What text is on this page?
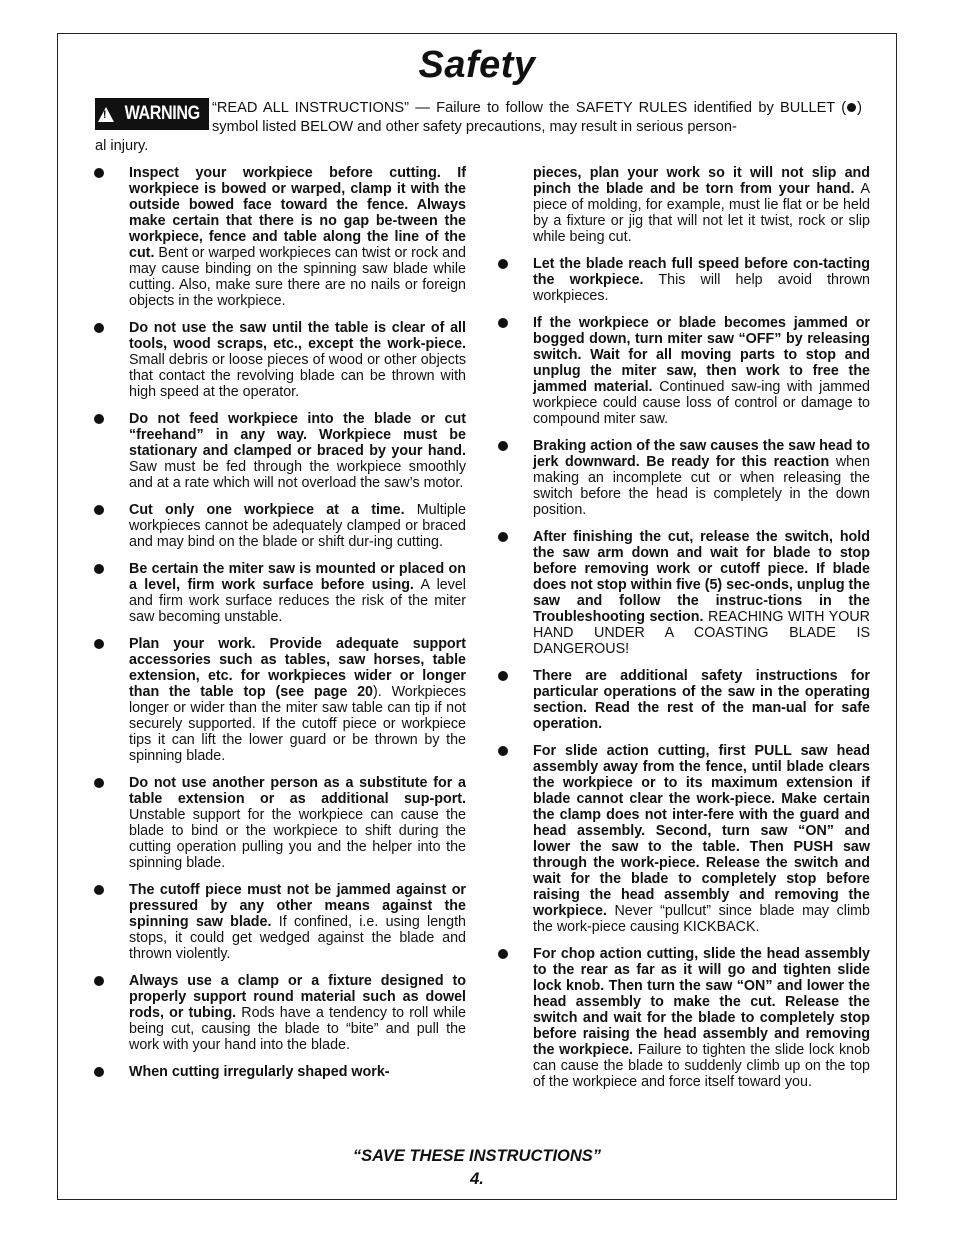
Safety
!
WARNING “READ ALL INSTRUCTIONS” — Failure to follow the SAFETY RULES identified by BULLET ( ) symbol listed BELOW and other safety precautions, may result in serious person-
al injury.
Inspect your workpiece before cutting. If workpiece is bowed or warped, clamp it with the outside bowed face toward the fence. Always make certain that there is no gap be-tween the workpiece, fence and table along the line of the cut. Bent or warped workpieces can twist or rock and may cause binding on the spinning saw blade while cutting. Also, make sure there are no nails or foreign objects in the workpiece.
Do not use the saw until the table is clear of all tools, wood scraps, etc., except the work-piece. Small debris or loose pieces of wood or other objects that contact the revolving blade can be thrown with high speed at the operator.
Do not feed workpiece into the blade or cut “freehand” in any way. Workpiece must be stationary and clamped or braced by your hand. Saw must be fed through the workpiece smoothly and at a rate which will not overload the saw’s motor.
Cut only one workpiece at a time. Multiple workpieces cannot be adequately clamped or braced and may bind on the blade or shift dur-ing cutting.
Be certain the miter saw is mounted or placed on a level, firm work surface before using. A level and firm work surface reduces the risk of the miter saw becoming unstable.
Plan your work. Provide adequate support accessories such as tables, saw horses, table extension, etc. for workpieces wider or longer than the table top (see page 20). Workpieces longer or wider than the miter saw table can tip if not securely supported. If the cutoff piece or workpiece tips it can lift the lower guard or be thrown by the spinning blade.
Do not use another person as a substitute for a table extension or as additional sup-port. Unstable support for the workpiece can cause the blade to bind or the workpiece to shift during the cutting operation pulling you and the helper into the spinning blade.
The cutoff piece must not be jammed against or pressured by any other means against the spinning saw blade. If confined, i.e. using length stops, it could get wedged against the blade and thrown violently.
Always use a clamp or a fixture designed to properly support round material such as dowel rods, or tubing. Rods have a tendency to roll while being cut, causing the blade to “bite” and pull the work with your hand into the blade.
When cutting irregularly shaped work-
pieces, plan your work so it will not slip and pinch the blade and be torn from your hand. A piece of molding, for example, must lie flat or be held by a fixture or jig that will not let it twist, rock or slip while being cut.
Let the blade reach full speed before con-tacting the workpiece. This will help avoid thrown workpieces.
If the workpiece or blade becomes jammed or bogged down, turn miter saw “OFF” by releasing switch. Wait for all moving parts to stop and unplug the miter saw, then work to free the jammed material. Continued saw-ing with jammed workpiece could cause loss of control or damage to compound miter saw.
Braking action of the saw causes the saw head to jerk downward. Be ready for this reaction when making an incomplete cut or when releasing the switch before the head is completely in the down position.
After finishing the cut, release the switch, hold the saw arm down and wait for blade to stop before removing work or cutoff piece. If blade does not stop within five (5) sec-onds, unplug the saw and follow the instruc-tions in the Troubleshooting section. REACHING WITH YOUR HAND UNDER A COASTING BLADE IS DANGEROUS!
There are additional safety instructions for particular operations of the saw in the operating section. Read the rest of the man-ual for safe operation.
For slide action cutting, first PULL saw head assembly away from the fence, until blade clears the workpiece or to its maximum extension if blade cannot clear the work-piece. Make certain the clamp does not inter-fere with the guard and head assembly. Second, turn saw “ON” and lower the saw to the table. Then PUSH saw through the work-piece. Release the switch and wait for the blade to completely stop before raising the head assembly and removing the workpiece. Never “pullcut” since blade may climb the work-piece causing KICKBACK.
For chop action cutting, slide the head assembly to the rear as far as it will go and tighten slide lock knob. Then turn the saw “ON” and lower the head assembly to make the cut. Release the switch and wait for the blade to completely stop before raising the head assembly and removing the workpiece. Failure to tighten the slide lock knob can cause the blade to suddenly climb up on the top of the workpiece and force itself toward you.
“SAVE THESE INSTRUCTIONS”
4.
